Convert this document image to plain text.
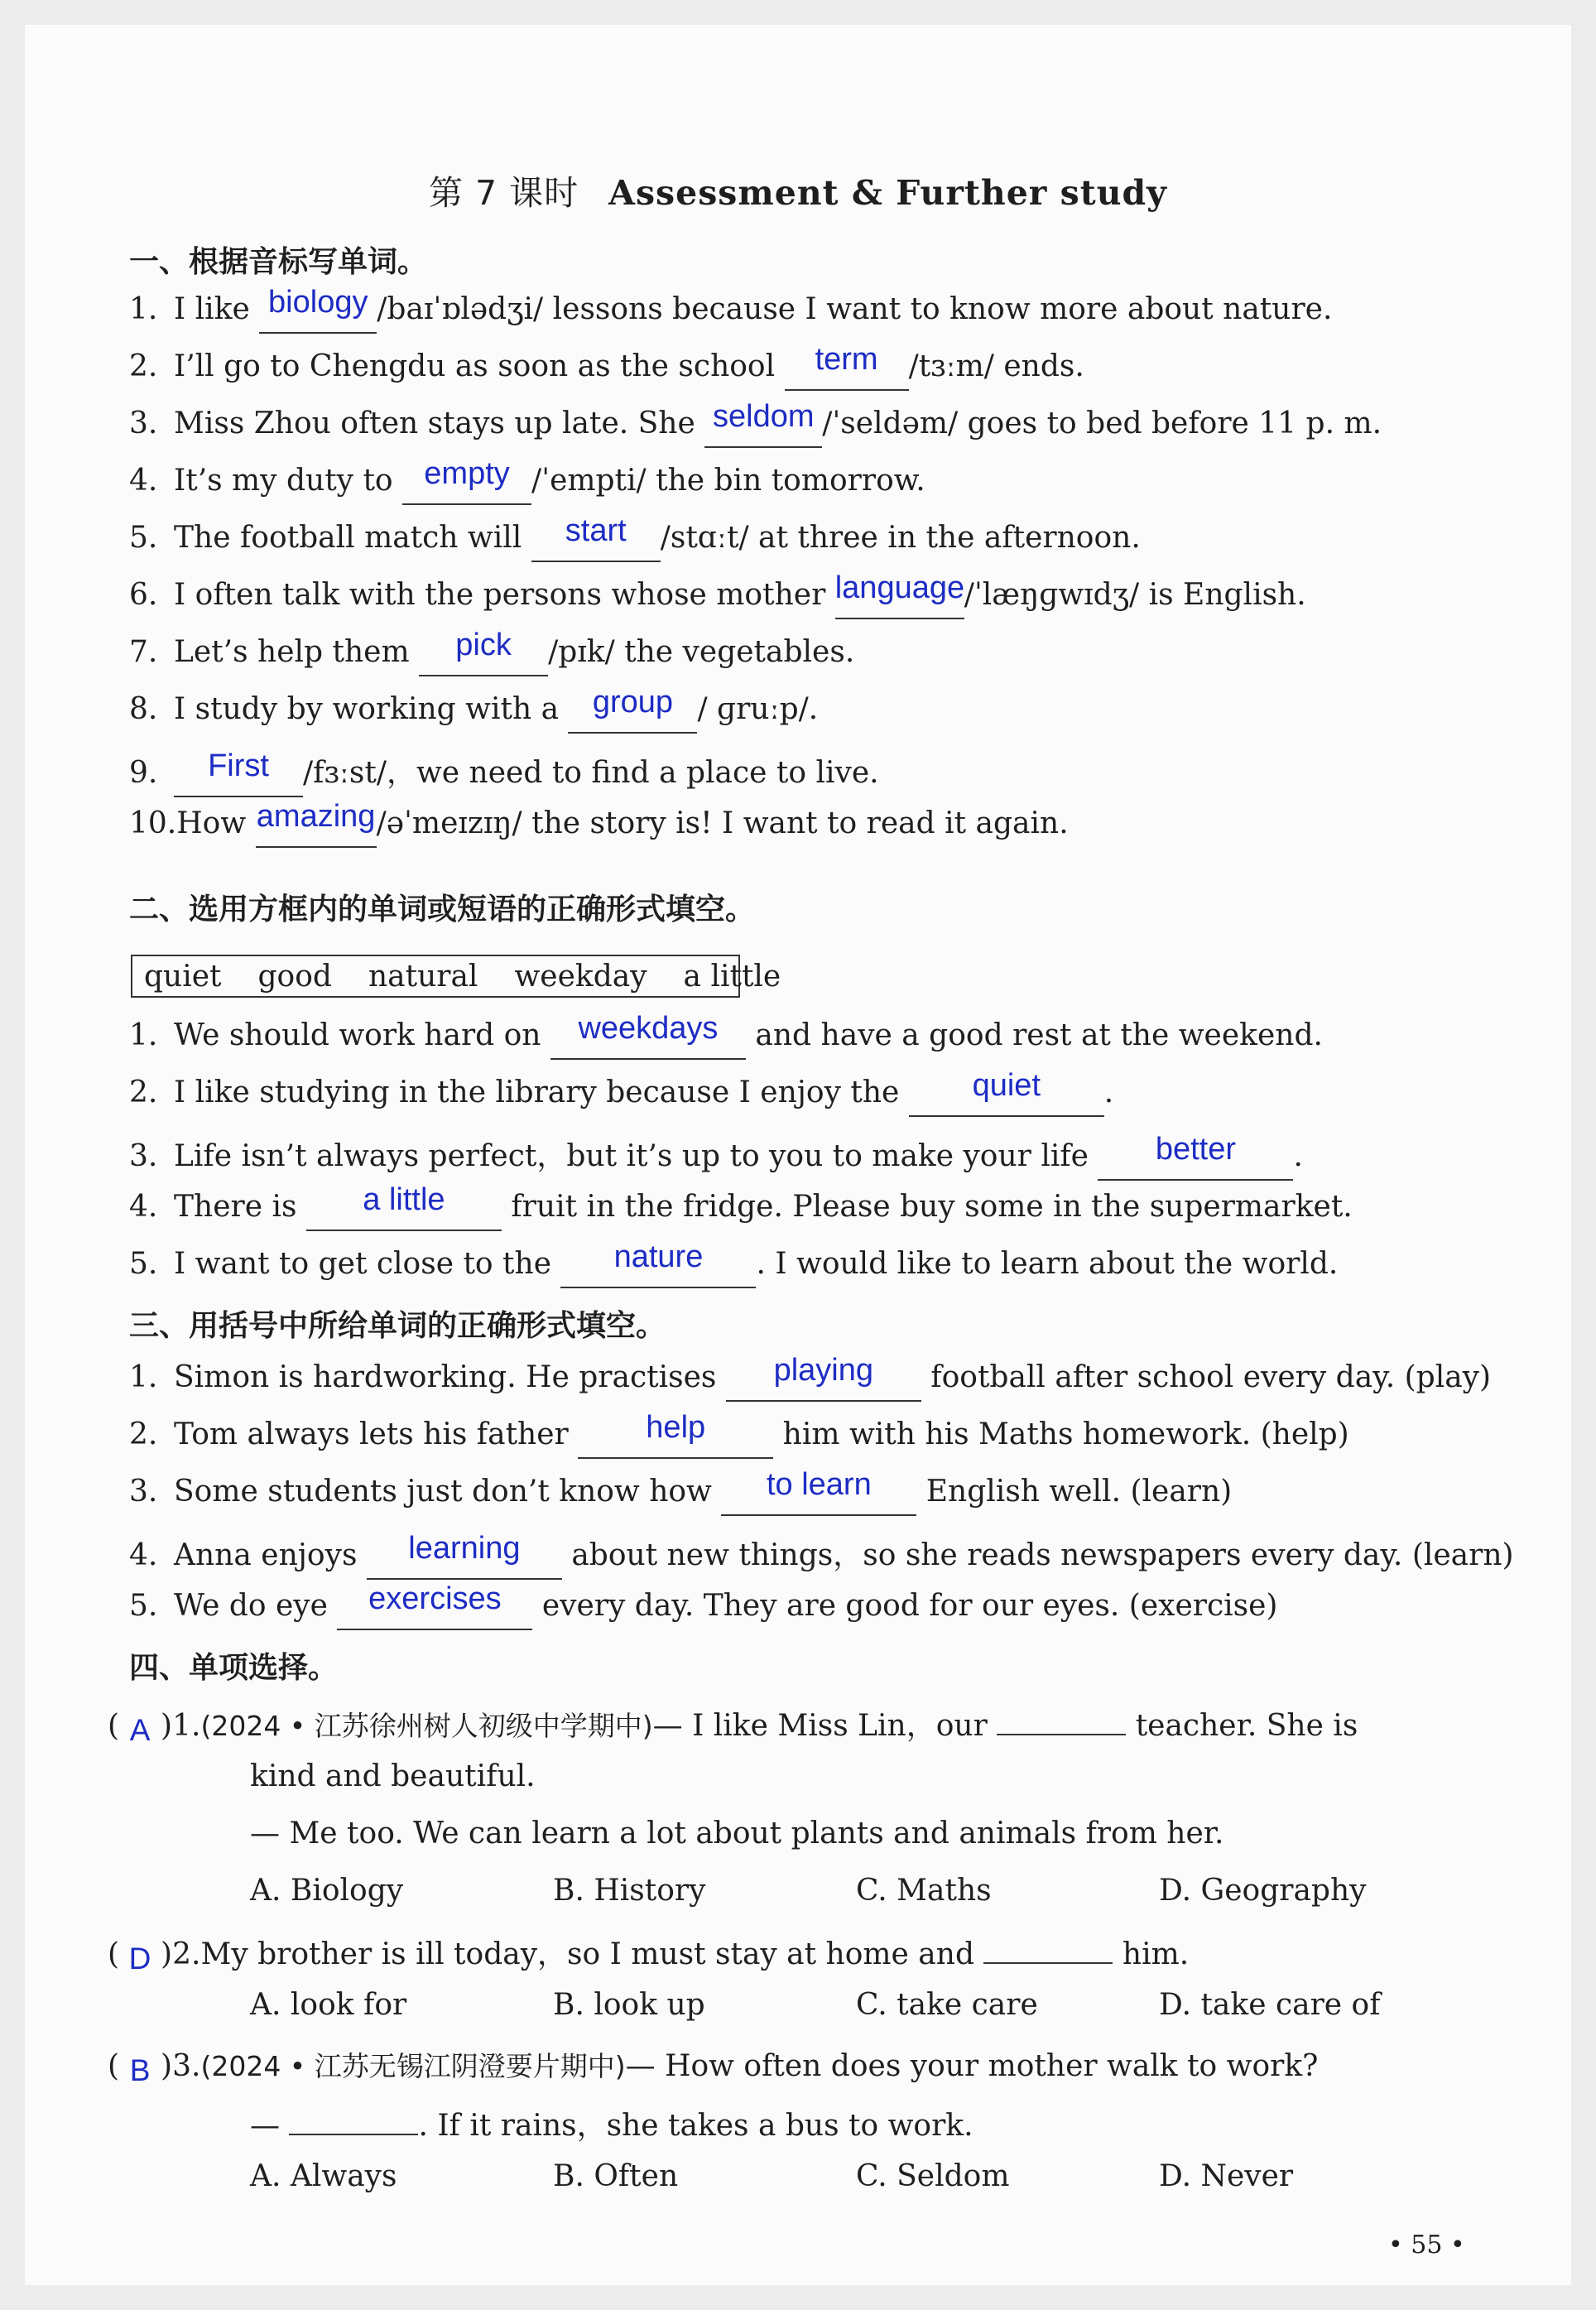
第 7 课时 Assessment & Further study
一、根据音标写单词。
1. I like biology /baɪˈɒlədʒi/ lessons because I want to know more about nature.
2. I’ll go to Chengdu as soon as the school term /tɜːm/ ends.
3. Miss Zhou often stays up late. She seldom /ˈseldəm/ goes to bed before 11 p. m.
4. It’s my duty to empty /ˈempti/ the bin tomorrow.
5. The football match will start /stɑːt/ at three in the afternoon.
6. I often talk with the persons whose mother language/ˈlæŋɡwɪdʒ/ is English.
7. Let’s help them pick /pɪk/ the vegetables.
8. I study by working with a group / ɡruːp/.
9. First /fɜːst/，we need to find a place to live.
10.How amazing/əˈmeɪzɪŋ/ the story is! I want to read it again.
二、选用方框内的单词或短语的正确形式填空。
quiet good natural weekday a little
1. We should work hard on weekdays and have a good rest at the weekend.
2. I like studying in the library because I enjoy the quiet .
3. Life isn’t always perfect，but it’s up to you to make your life better .
4. There is a little fruit in the fridge. Please buy some in the supermarket.
5. I want to get close to the nature . I would like to learn about the world.
三、用括号中所给单词的正确形式填空。
1. Simon is hardworking. He practises playing football after school every day. (play)
2. Tom always lets his father help	him with his Maths homework. (help)
3. Some students just don’t know how to learn English well. (learn)
4. Anna enjoys learning about new things，so she reads newspapers every day. (learn)
5. We do eye exercises every day. They are good for our eyes. (exercise)
四、单项选择。
( A )1.(2024 • 江苏徐州树人初级中学期中)— I like Miss Lin，our	teacher. She is
kind and beautiful.
— Me too. We can learn a lot about plants and animals from her.
A. Biology	B. History	C. Maths	D. Geography
( D )2.My brother is ill today，so I must stay at home and	him.
A. look for	B. look up	C. take care	D. take care of
( B )3.(2024 • 江苏无锡江阴澄要片期中)— How often does your mother walk to work?
—	. If it rains，she takes a bus to work.
A. Always	B. Often	C. Seldom	D. Never
• 55 •
